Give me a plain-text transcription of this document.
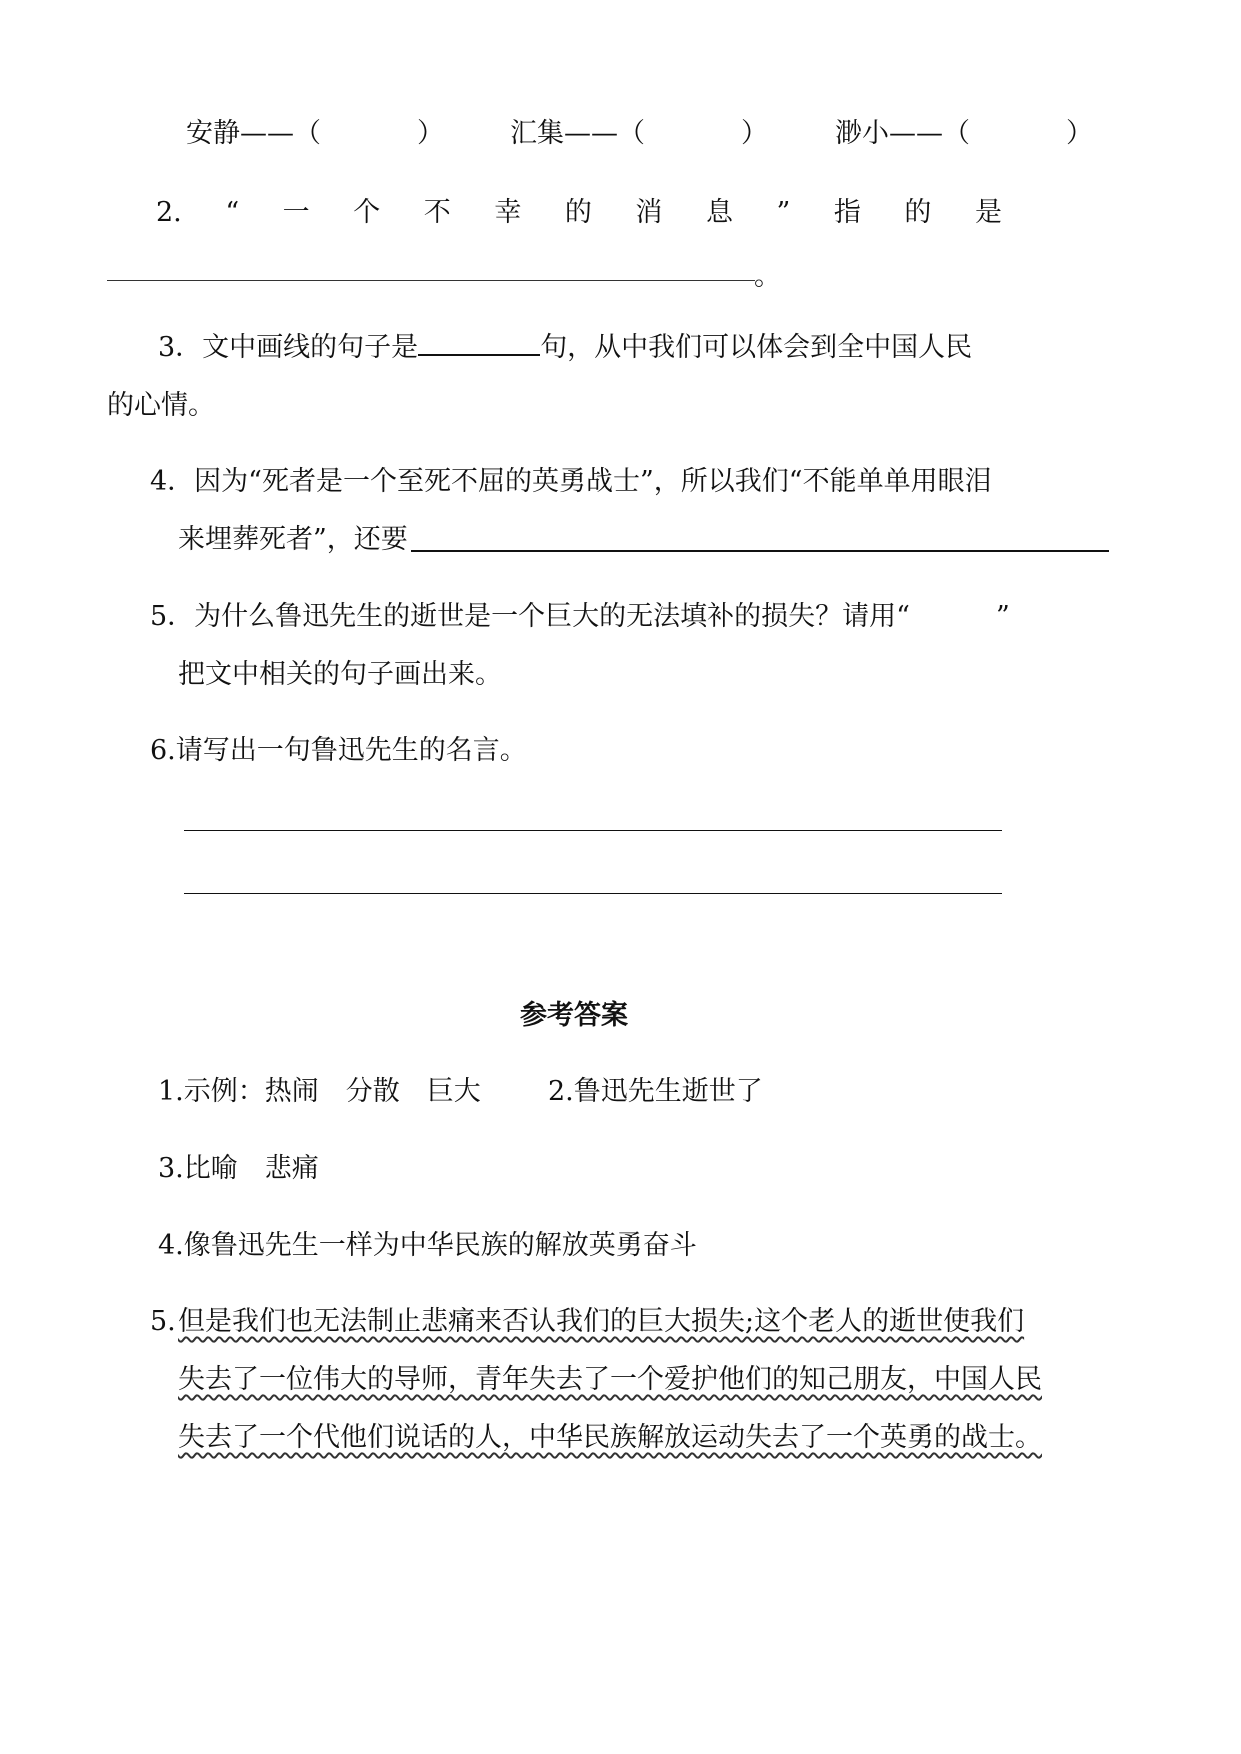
安静——（	） 汇集——（	） 渺小——（	）
2. “ 一 个 不 幸 的 消 息 ” 指 的 是
。
3．文中画线的句子是	句，从中我们可以体会到全中国人民
的心情。
4．因为“死者是一个至死不屈的英勇战士”，所以我们“不能单单用眼泪
来埋葬死者”，还要
5．为什么鲁迅先生的逝世是一个巨大的无法填补的损失？请用“	”
把文中相关的句子画出来。
6.请写出一句鲁迅先生的名言。
参考答案
1.示例：热闹　分散　巨大 2.鲁迅先生逝世了
3.比喻　悲痛
4.像鲁迅先生一样为中华民族的解放英勇奋斗
5. 但是我们也无法制止悲痛来否认我们的巨大损失;这个老人的逝世使我们
失去了一位伟大的导师，青年失去了一个爱护他们的知己朋友，中国人民
失去了一个代他们说话的人，中华民族解放运动失去了一个英勇的战士。
